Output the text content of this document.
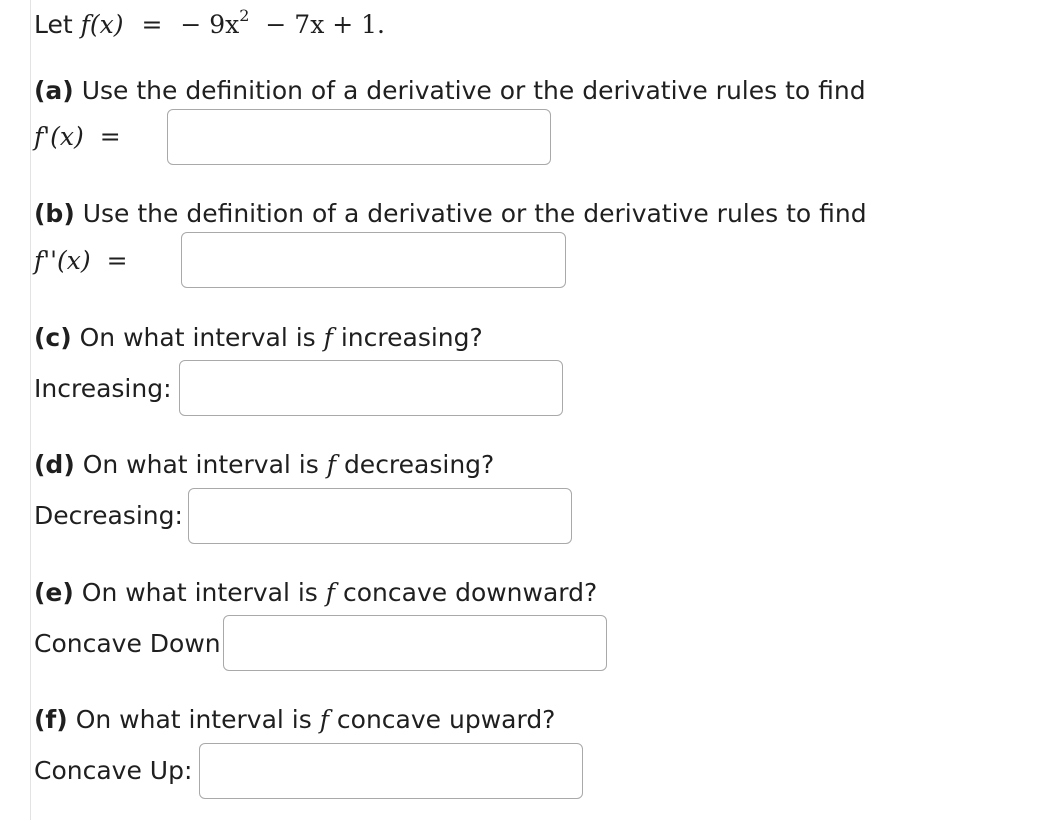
Let f(x) = − $9x^2 - 7x + 1$.
(a) Use the definition of a derivative or the derivative rules to find
f'(x) =
(b) Use the definition of a derivative or the derivative rules to find
f''(x) =
(c) On what interval is f increasing?
Increasing:
(d) On what interval is f decreasing?
Decreasing:
(e) On what interval is f concave downward?
Concave Down
(f) On what interval is f concave upward?
Concave Up:
